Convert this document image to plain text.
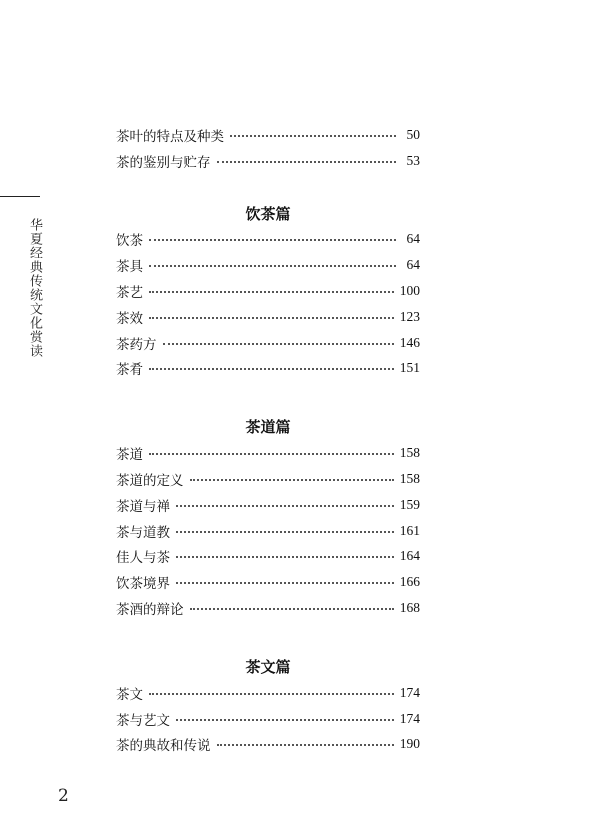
华夏经典传统文化赏读
茶叶的特点及种类	50
茶的鉴别与贮存	53
饮茶篇
饮茶	64
茶具	64
茶艺	100
茶效	123
茶药方	146
茶肴	151
茶道篇
茶道	158
茶道的定义	158
茶道与禅	159
茶与道教	161
佳人与茶	164
饮茶境界	166
茶酒的辩论	168
茶文篇
茶文	174
茶与艺文	174
茶的典故和传说	190
2
